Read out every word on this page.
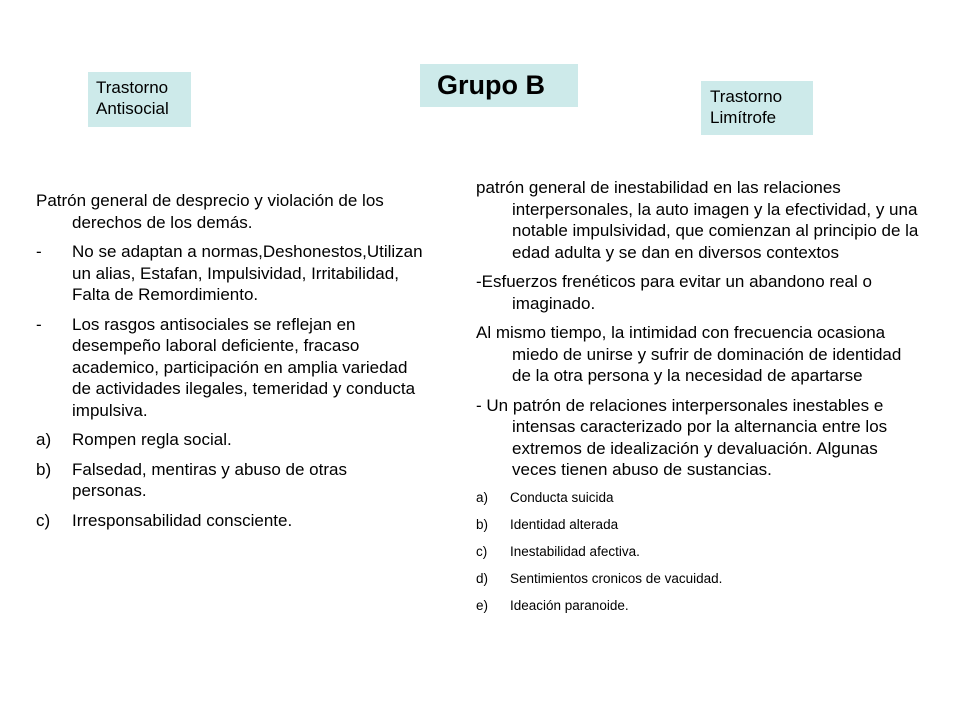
Grupo B
Trastorno Antisocial
Trastorno Limítrofe

Patrón general de desprecio y violación de los derechos de los demás.

-	No se adaptan a normas,Deshonestos,Utilizan un alias, Estafan, Impulsividad, Irritabilidad, Falta de Remordimiento.
-	Los rasgos antisociales se reflejan en desempeño laboral deficiente, fracaso academico, participación en amplia variedad de actividades ilegales, temeridad y conducta impulsiva.
a)	Rompen regla social.
b)	Falsedad, mentiras y abuso de otras personas.
c)	Irresponsabilidad consciente.

patrón general de inestabilidad en las relaciones interpersonales, la auto imagen y la efectividad, y una notable impulsividad, que comienzan al principio de la edad adulta y se dan en diversos contextos

-Esfuerzos frenéticos para evitar un abandono real o imaginado.

Al mismo tiempo, la intimidad con frecuencia ocasiona miedo de unirse y sufrir de dominación de identidad de la otra persona y la necesidad de apartarse

- Un patrón de relaciones interpersonales inestables e intensas caracterizado por la alternancia entre los extremos de idealización y devaluación. Algunas veces tienen abuso de sustancias.

a)	Conducta suicida
b)	Identidad alterada
c)	Inestabilidad afectiva.
d)	Sentimientos cronicos de vacuidad.
e)	Ideación paranoide.
